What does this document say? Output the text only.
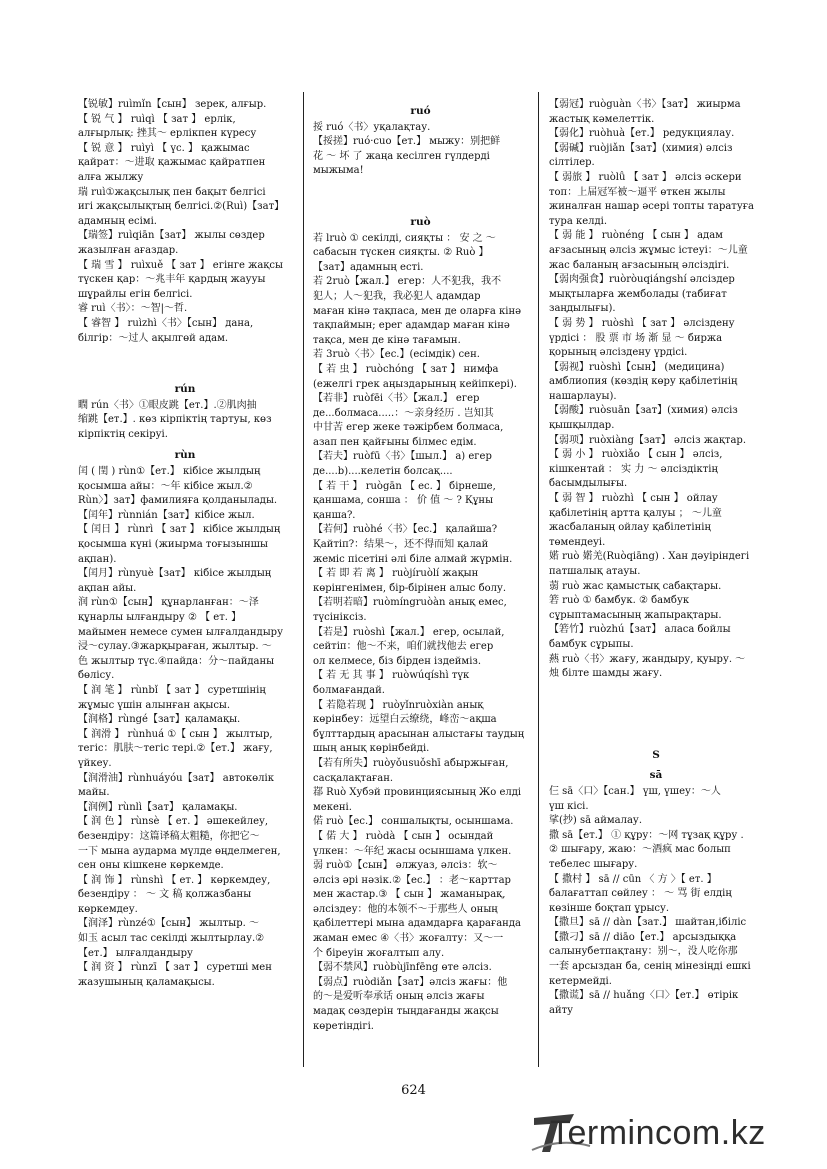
【锐敏】ruìmǐn【сын】 зерек, алғыр.
【 锐 气 】 ruìqì 【 зат 】 ерлік,
алғырлық: 挫其～ ерлікпен күресу
【 锐 意 】 ruìyì 【 үс. 】 қажымас
қайрат：～进取 қажымас қайратпен
алға жылжу
瑞 ruì①жақсылық пен бақыт белгісі
игі жақсылықтың белгісі.②(Ruì)【зат】
адамның есімі.
【瑞签】ruìqiān【зат】 жылы сөздер
жазылған ағаздар.
【 瑞 雪 】 ruìxuě 【 зат 】 егінге жақсы
түскен қар：～兆丰年 қардың жаууы
шұрайлы егін белгісі.
睿 ruì〈书〉：～智|～哲.
【 睿智 】 ruìzhì〈书〉【сын】 дана,
білгір：～过人 ақылгөй адам.
rún
瞤 rún〈书〉①眼皮跳【ет.】.②肌肉抽
缩跳【ет.】. көз кірпіктің тартуы, көз
кірпіктің секіруі.
rùn
闰 ( 閏 ) rùn①【ет.】 кібісе жылдың
қосымша айы：～年 кібісе жыл.②
Rùn〉】зат】фамилияға қолданылады.
【闰年】rùnnián【зат】кібісе жыл.
【 闰日 】 rùnrì 【 зат 】 кібісе жылдың
қосымша күні (жиырма тоғызыншы
ақпан).
【闰月】rùnyuè【зат】 кібісе жылдың
ақпан айы.
润 rùn①【сын】 құнарланған：～泽
құнарлы ылғандыру ② 【 ет. 】
майымен немесе сумен ылғалдандыру
浸～сулау.③жарқыраған, жылтыр. ～
色 жылтыр түс.④пайда：分～пайданы
бөлісу.
【 润 笔 】 rùnbǐ 【 зат 】 суретшінің
жұмыс үшін алынған ақысы.
【润格】rùngé【зат】қаламақы.
【 润滑 】 rùnhuá ①【 сын 】 жылтыр,
тегіс：肌肤～тегіс тері.②【ет.】 жағу,
үйкеу.
【润滑油】rùnhuáyóu【зат】 автокөлік
майы.
【润例】rùnlì【зат】 қаламақы.
【 润 色 】 rùnsè 【 ет. 】 әшекейлеу,
безендіру：这篇译稿太粗糙，你把它～
一下 мына аударма мүлде өңделмеген,
сен оны кішкене көркемде.
【 润 饰 】 rùnshì 【 ет. 】 көркемдеу,
безендіру ： ～ 文 稿 қолжазбаны
көркемдеу.
【润泽】rùnzé①【сын】 жылтыр. ～
如玉 асыл тас секілді жылтырлау.②
【ет.】 ылғалдандыру
【 润 资 】 rùnzī 【 зат 】 суретші мен
жазушының қаламақысы.
ruó
挼 ruó〈书〉уқалақтау.
【挼搓】ruó·cuo【ет.】 мыжу：别把鲜
花 ～ 坏 了 жаңа кесілген гүлдерді
мыжыма!
ruò
若 lruò ① секілді, сияқты ： 安 之 ～
сабасын түскен сияқты. ② Ruò 】
【зат】адамның есті.
若 2ruò【жал.】 егер：人不犯我，我不
犯人；人～犯我，我必犯人 адамдар
маған кінә тақпаса, мен де оларға кінә
тақпаймын; ерег адамдар маған кінә
тақса, мен де кінә тағамын.
若 3ruò〈书〉【ес.】(есімдік) сен.
【 若 虫 】 ruòchóng 【 зат 】 нимфа
(ежелгі грек аңыздарының кейіпкері).
【若非】ruòfēi〈书〉【жал.】 егер
де...болмаса.....：～亲身经历 . 岂知其
中甘苦 егер жеке тәжірбем болмаса,
азап пен қайғыны білмес едім.
【若夫】ruòfū〈书〉【шыл.】 а) егер
де....b)....келетін болсақ....
【 若 干 】 ruògān 【 ес. 】 бірнеше,
қаншама, сонша ： 价 值 ～ ? Құны
қанша?.
【若何】ruòhé〈书〉【ес.】 қалайша?
Қайтіп?：结果～，还不得而知 қалай
жеміс пісетіні әлі біле алмай жүрмін.
【 若 即 若 离 】 ruòjíruòlí жақын
көрінгенімен, бір-бірінен алыс болу.
【若明若暗】ruòmíngruòàn анық емес,
түсініксіз.
【若是】ruòshì【жал.】 егер, осылай,
сейтіп：他～不来，咱们就找他去 егер
ол келмесе, біз бірден іздейміз.
【 若 无 其 事 】 ruòwúqíshì түк
болмағандай.
【 若隐若现 】 ruòyǐnruòxiàn анық
көрінбеу：远望白云缭绕，峰峦～ақша
бұлттардың арасынан алыстағы таудың
шың анық көрінбейді.
【若有所失】ruòyǒusuǒshī абыржыған,
сасқалақтаған.
鄀 Ruò Хубэй провинциясының Жо елді
мекені.
偌 ruò【ес.】 соншалықты, осыншама.
【 偌 大 】 ruòdà 【 сын 】 осындай
үлкен：～年纪 жасы осыншама үлкен.
弱 ruò①【сын】 әлжуаз, әлсіз：软～
әлсіз әрі нәзік.②【ес.】 ：老～карттар
мен жастар.③ 【 сын 】 жаманырақ,
әлсіздеу：他的本领不～于那些人 оның
қабілеттері мына адамдарға қарағанда
жаман емес ④〈书〉жоғалту：又～一
个 біреуін жоғалтып алу.
【弱不禁风】ruòbùjīnfēng өте әлсіз.
【弱点】ruòdiǎn【зат】әлсіз жағы：他
的～是爱听奉承话 оның әлсіз жағы
мадақ сөздерін тыңдағанды жақсы
көретіндігі.
【弱冠】ruòguàn〈书〉【зат】 жиырма
жастық кәмелеттік.
【弱化】ruòhuà【ет.】 редукциялау.
【弱碱】ruòjiǎn【зат】(химия) әлсіз
сілтілер.
【 弱旅 】 ruòlǚ 【 зат 】 әлсіз әскери
топ：上届冠军被～逼平 өткен жылы
жиналған нашар әсері топты таратуға
тура келді.
【 弱 能 】 ruònéng 【 сын 】 адам
ағзасының әлсіз жұмыс істеуі：～儿童
жас баланың ағзасының әлсіздігі.
【弱肉强食】ruòròuqiángshí әлсіздер
мықтыларға жемболады (табиғат
заңдылығы).
【 弱 势 】 ruòshì 【 зат 】 әлсіздену
үрдісі ： 股 票 市 场 渐 显 ～ биржа
қорының әлсіздену үрдісі.
【弱视】ruòshì【сын】 (медицина)
амблиопия (көздің көру қабілетінің
нашарлауы).
【弱酸】ruòsuān【зат】(химия) әлсіз
қышқылдар.
【弱项】ruòxiàng【зат】 әлсіз жақтар.
【 弱 小 】 ruòxiǎo 【 сын 】 әлсіз,
кішкентай ： 实 力 ～ әлсіздіктің
басымдылығы.
【 弱 智 】 ruòzhì 【 сын 】 ойлау
қабілетінің артта қалуы ； ～儿童
жасбаланың ойлау қабілетінің
төмендеуі.
婼 ruò 婼羌(Ruòqiāng) . Хан дәуіріндегі
патшалық атауы.
蒻 ruò жас қамыстық сабақтары.
箬 ruò ① бамбук. ② бамбук
сұрыптамасының жапырақтары.
【箬竹】ruòzhú【зат】 аласа бойлы
бамбук сұрыпы.
爇 ruò〈书〉жағу, жандыру, қуыру. ～
烛 білте шамды жағу.
S
sā
仨 sā〈口〉【сан.】 үш, үшеу：～人
үш кісі.
挲(抄) sā аймалау.
撒 sā【ет.】 ① құру：～网 тұзақ құру .
② шығару, жаю：～酒疯 мас болып
тебелес шығару.
【 撒村 】 sā // cūn 〈 方 〉【 ет. 】
балағаттап сөйлеу ： ～ 骂 街 елдің
көзінше боқтап ұрысу.
【撒旦】sā // dàn【зат.】 шайтан,ібіліс
【撒刁】sā // diāo【ет.】 арсыздыққа
салынубетпақтану：别～，没人吃你那
一套 арсыздан ба, сенің мінезіңді ешкі
кетермейді.
【撒谎】sā // huǎng〈口〉【ет.】 өтірік
айту
624
Termincom.kz
